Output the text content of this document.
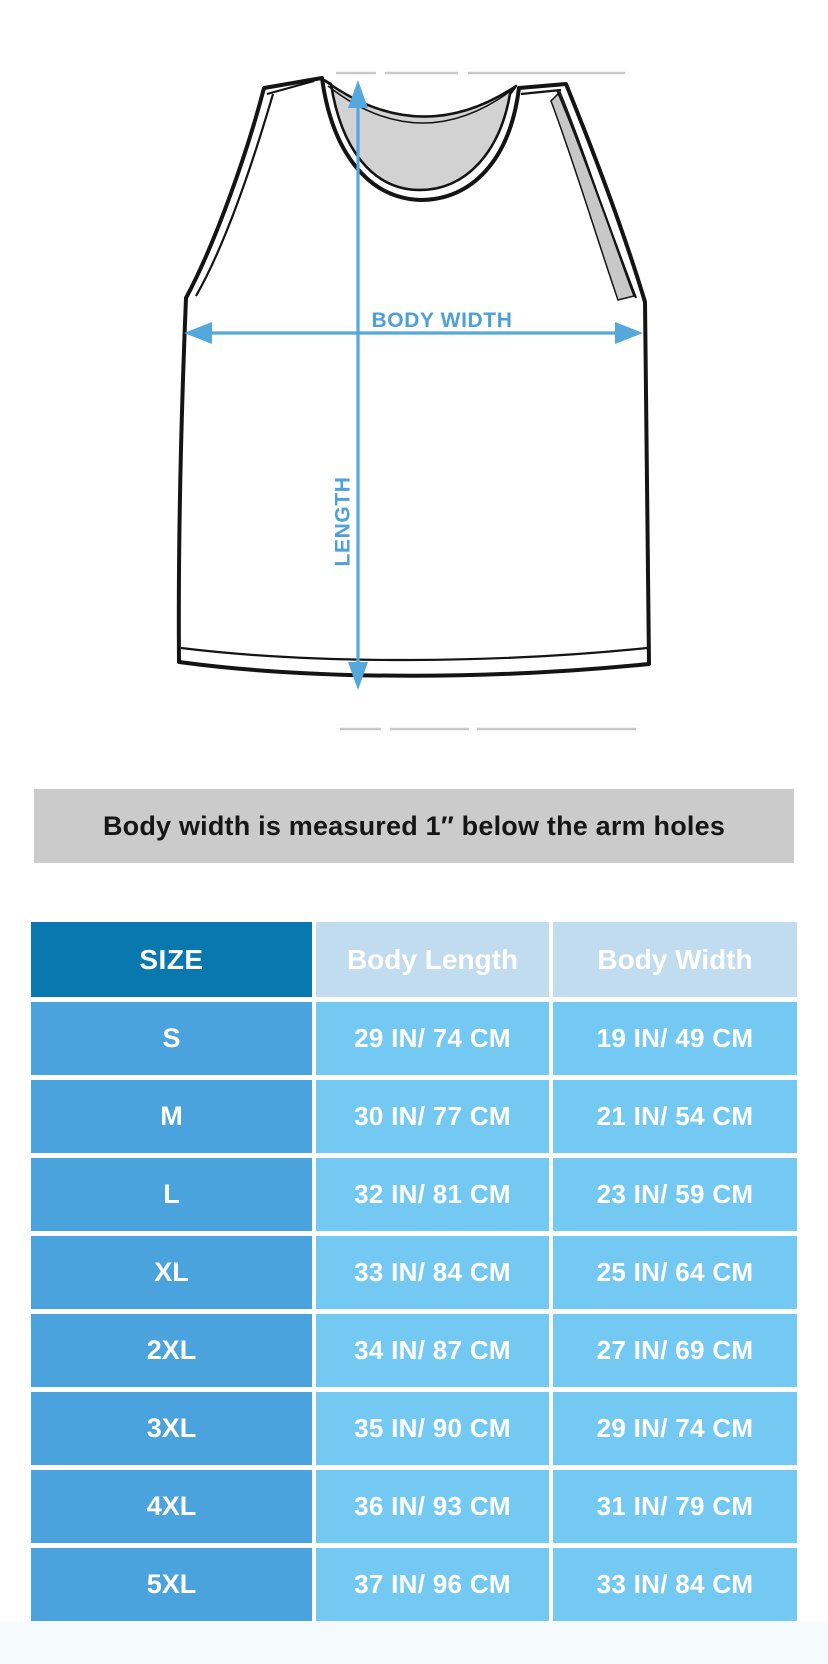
BODY WIDTH
LENGTH
Body width is measured 1″ below the arm holes
SIZE	Body Length	Body Width
S	29 IN/ 74 CM	19 IN/ 49 CM
M	30 IN/ 77 CM	21 IN/ 54 CM
L	32 IN/ 81 CM	23 IN/ 59 CM
XL	33 IN/ 84 CM	25 IN/ 64 CM
2XL	34 IN/ 87 CM	27 IN/ 69 CM
3XL	35 IN/ 90 CM	29 IN/ 74 CM
4XL	36 IN/ 93 CM	31 IN/ 79 CM
5XL	37 IN/ 96 CM	33 IN/ 84 CM
